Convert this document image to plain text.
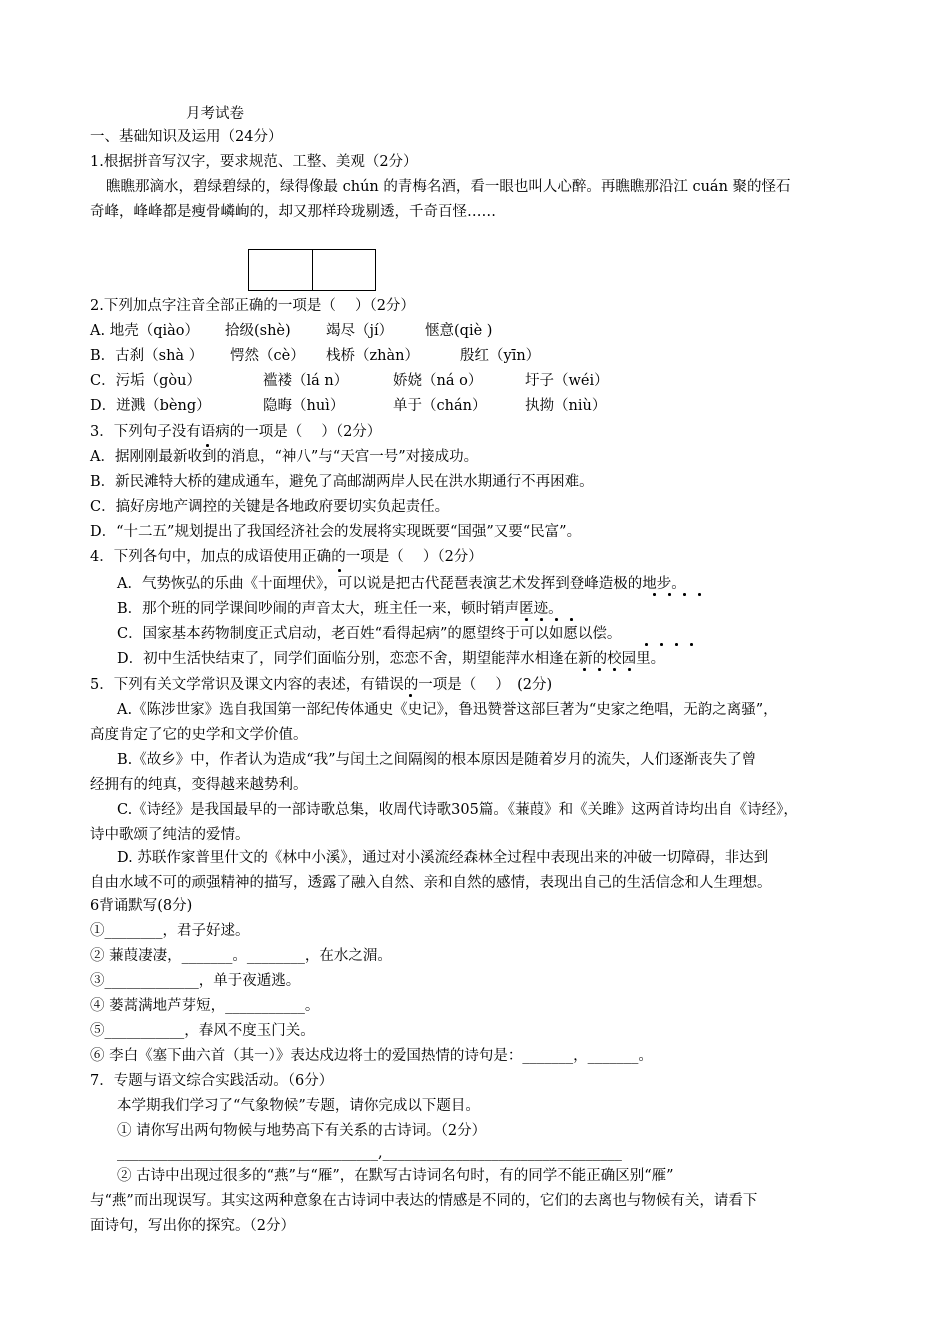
月考试卷
一、基础知识及运用（24分）
1.根据拼音写汉字，要求规范、工整、美观（2分）
瞧瞧那滴水，碧绿碧绿的，绿得像最 chún 的青梅名酒，看一眼也叫人心醉。再瞧瞧那沿江 cuán 聚的怪石
奇峰，峰峰都是瘦骨嶙峋的，却又那样玲珑剔透，千奇百怪……
2.下列加点字注音全部正确的一项是（　 ）（2分）
A. 地壳（qiào） 拾级(shè) 竭尽（jí） 惬意(qiè )
B．古刹（shà ） 愕然（cè） 栈桥（zhàn）	殷红（yīn）
C．污垢（gòu）	褴褛（lá n）	娇娆（ná o）	圩子（wéi）
D．迸溅（bèng）	隐晦（huì）	单于（chán）	执拗（niù）
3．下列句子没有语病的一项是（　 ）（2分）
A．据刚刚最新收到的消息，“神八”与“天宫一号”对接成功。
B．新民滩特大桥的建成通车，避免了高邮湖两岸人民在洪水期通行不再困难。
C．搞好房地产调控的关键是各地政府要切实负起责任。
D．“十二五”规划提出了我国经济社会的发展将实现既要“国强”又要“民富”。
4．下列各句中，加点的成语使用正确的一项是（　 ）（2分）
A．气势恢弘的乐曲《十面埋伏》，可以说是把古代琵琶表演艺术发挥到登峰造极的地步。
B．那个班的同学课间吵闹的声音太大，班主任一来，顿时销声匿迹。
C．国家基本药物制度正式启动，老百姓“看得起病”的愿望终于可以如愿以偿。
D．初中生活快结束了，同学们面临分别，恋恋不舍，期望能萍水相逢在新的校园里。
5．下列有关文学常识及课文内容的表述，有错误的一项是（　 ）　(2分)
A.《陈涉世家》选自我国第一部纪传体通史《史记》，鲁迅赞誉这部巨著为“史家之绝唱，无韵之离骚”，
高度肯定了它的史学和文学价值。
B.《故乡》中，作者认为造成“我”与闰土之间隔阂的根本原因是随着岁月的流失，人们逐渐丧失了曾
经拥有的纯真，变得越来越势利。
C.《诗经》是我国最早的一部诗歌总集，收周代诗歌305篇。《蒹葭》和《关雎》这两首诗均出自《诗经》，
诗中歌颂了纯洁的爱情。
D. 苏联作家普里什文的《林中小溪》，通过对小溪流经森林全过程中表现出来的冲破一切障碍，非达到
自由水域不可的顽强精神的描写，透露了融入自然、亲和自然的感情，表现出自己的生活信念和人生理想。
6背诵默写(8分)
①________，君子好逑。
② 蒹葭凄凄，_______。________，在水之湄。
③_____________，单于夜遁逃。
④ 蒌蒿满地芦芽短，___________。
⑤___________，春风不度玉门关。
⑥ 李白《塞下曲六首（其一）》表达戍边将士的爱国热情的诗句是：_______，_______。
7．专题与语文综合实践活动。（6分）
本学期我们学习了“气象物候”专题，请你完成以下题目。
① 请你写出两句物候与地势高下有关系的古诗词。（2分）
____________________________________,_________________________________
② 古诗中出现过很多的“燕”与“雁”，在默写古诗词名句时，有的同学不能正确区别“雁”
与“燕”而出现误写。其实这两种意象在古诗词中表达的情感是不同的，它们的去离也与物候有关，请看下
面诗句，写出你的探究。（2分）
